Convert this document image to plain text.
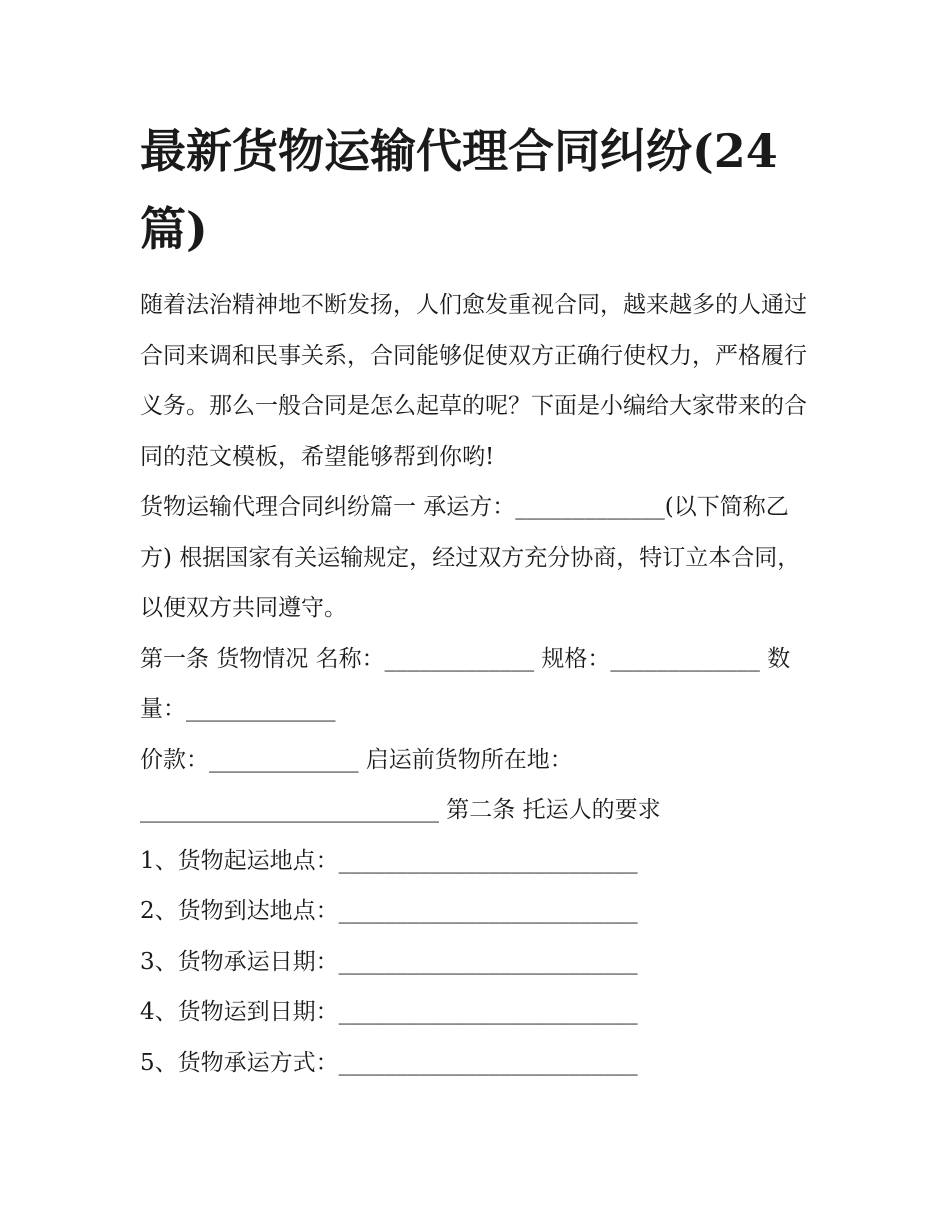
最新货物运输代理合同纠纷(24篇)

随着法治精神地不断发扬，人们愈发重视合同，越来越多的人通过合同来调和民事关系，合同能够促使双方正确行使权力，严格履行义务。那么一般合同是怎么起草的呢？下面是小编给大家带来的合同的范文模板，希望能够帮到你哟!

货物运输代理合同纠纷篇一 承运方：_____________(以下简称乙方) 根据国家有关运输规定，经过双方充分协商，特订立本合同，以便双方共同遵守。

第一条 货物情况 名称：_____________ 规格：_____________ 数量：_____________

价款：_____________ 启运前货物所在地：__________________________ 第二条 托运人的要求

1、货物起运地点：__________________________

2、货物到达地点：__________________________

3、货物承运日期：__________________________

4、货物运到日期：__________________________

5、货物承运方式：__________________________
